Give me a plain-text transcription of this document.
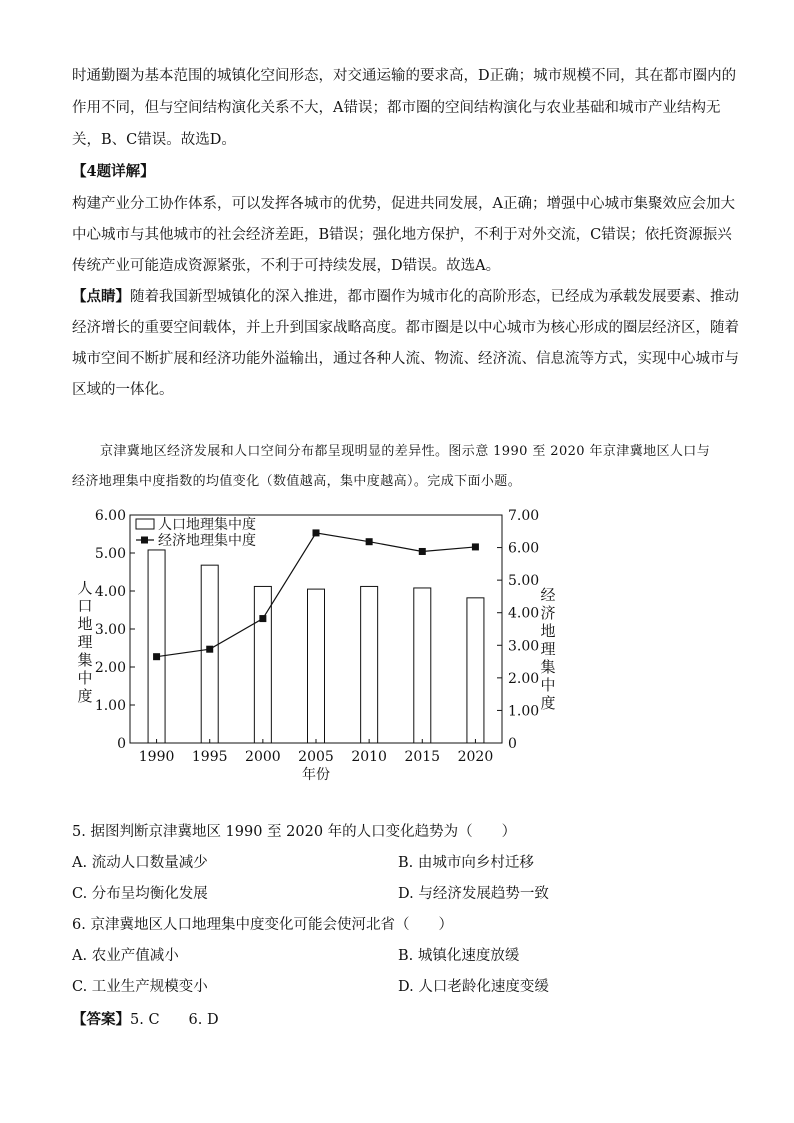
时通勤圈为基本范围的城镇化空间形态，对交通运输的要求高，D正确；城市规模不同，其在都市圈内的
作用不同，但与空间结构演化关系不大，A错误；都市圈的空间结构演化与农业基础和城市产业结构无
关，B、C错误。故选D。
【4题详解】
构建产业分工协作体系，可以发挥各城市的优势，促进共同发展，A正确；增强中心城市集聚效应会加大
中心城市与其他城市的社会经济差距，B错误；强化地方保护，不利于对外交流，C错误；依托资源振兴
传统产业可能造成资源紧张，不利于可持续发展，D错误。故选A。
【点睛】随着我国新型城镇化的深入推进，都市圈作为城市化的高阶形态，已经成为承载发展要素、推动
经济增长的重要空间载体，并上升到国家战略高度。都市圈是以中心城市为核心形成的圈层经济区，随着
城市空间不断扩展和经济功能外溢输出，通过各种人流、物流、经济流、信息流等方式，实现中心城市与
区域的一体化。
京津冀地区经济发展和人口空间分布都呈现明显的差异性。图示意 1990 至 2020 年京津冀地区人口与
经济地理集中度指数的均值变化（数值越高，集中度越高）。完成下面小题。
0
1.00
2.00
3.00
4.00
5.00
6.00
0
1.00
2.00
3.00
4.00
5.00
6.00
7.00
1990 1995 2000 2005 2010 2015 2020
人口地理集中度
经济地理集中度
人
口
地
理
集
中
度
经
济
地
理
集
中
度
年份
5. 据图判断京津冀地区 1990 至 2020 年的人口变化趋势为（　　）
A. 流动人口数量减少	B. 由城市向乡村迁移
C. 分布呈均衡化发展	D. 与经济发展趋势一致
6. 京津冀地区人口地理集中度变化可能会使河北省（　　）
A. 农业产值减小	B. 城镇化速度放缓
C. 工业生产规模变小	D. 人口老龄化速度变缓
【答案】5. C　　6. D
